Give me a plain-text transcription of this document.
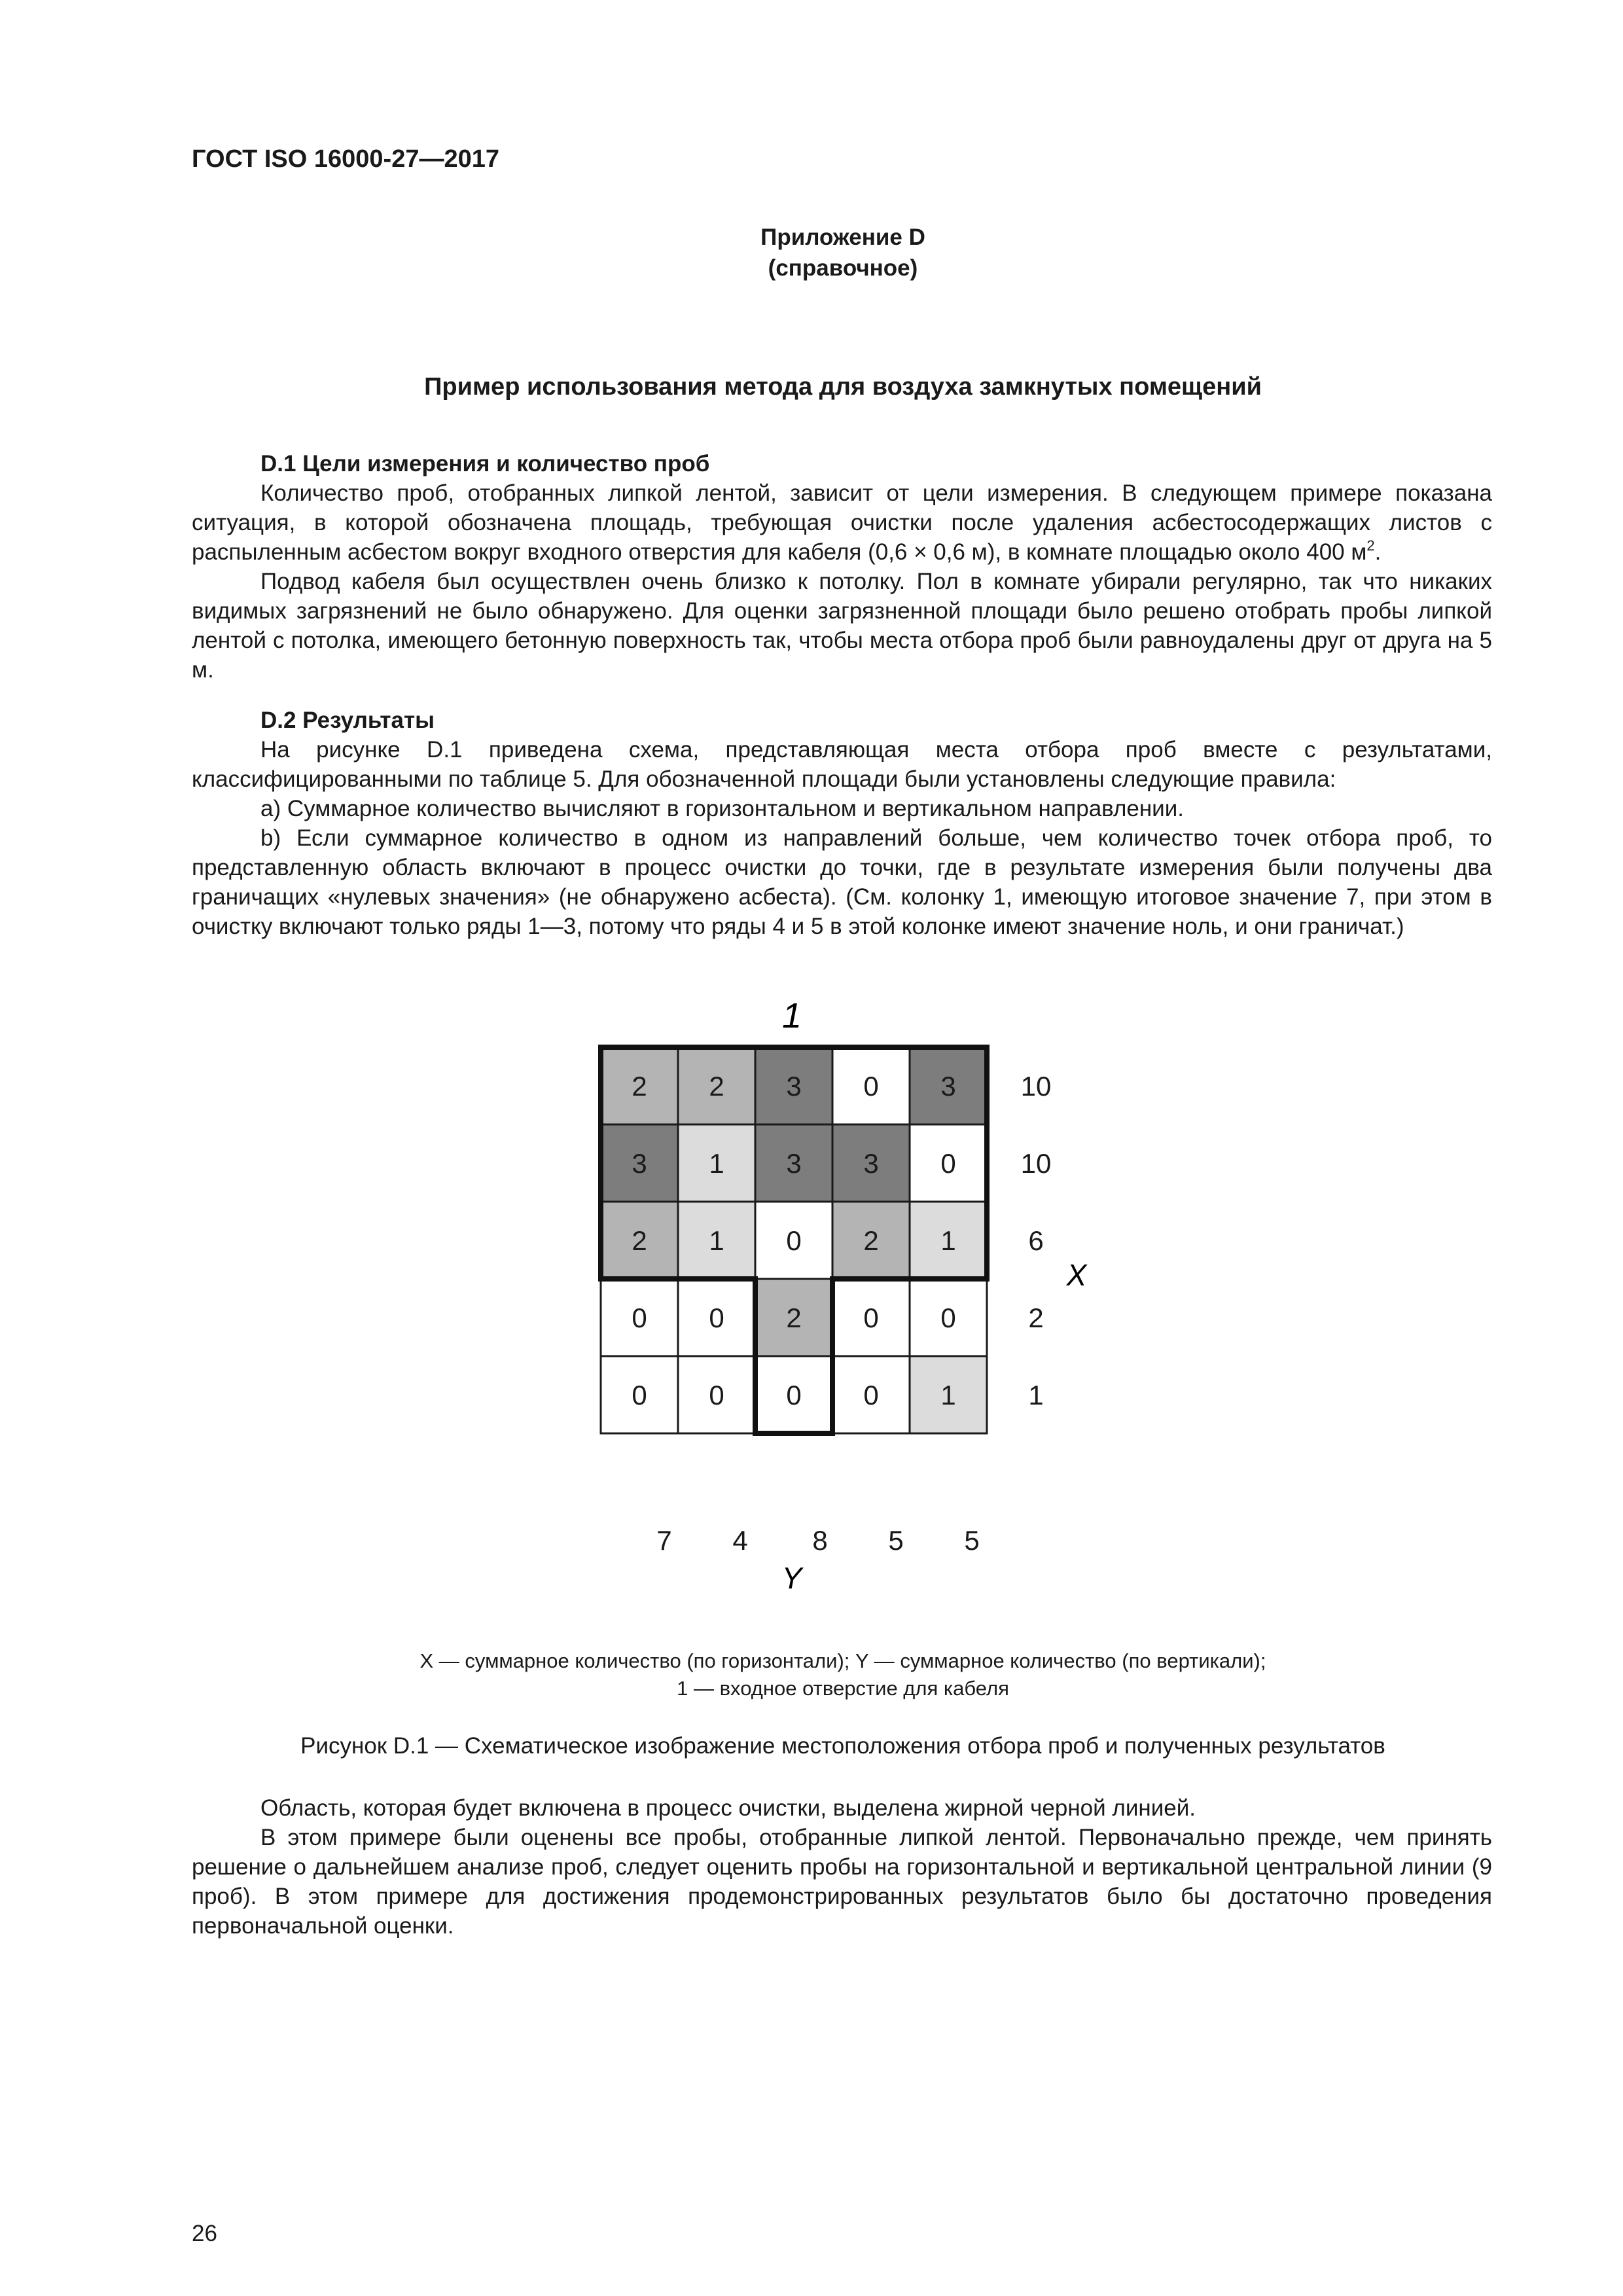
ГОСТ ISO 16000-27—2017
Приложение D
(справочное)
Пример использования метода для воздуха замкнутых помещений

D.1 Цели измерения и количество проб

Количество проб, отобранных липкой лентой, зависит от цели измерения. В следующем примере показана ситуация, в которой обозначена площадь, требующая очистки после удаления асбестосодержащих листов с распыленным асбестом вокруг входного отверстия для кабеля (0,6 × 0,6 м), в комнате площадью около 400 $м^2$.

Подвод кабеля был осуществлен очень близко к потолку. Пол в комнате убирали регулярно, так что никаких видимых загрязнений не было обнаружено. Для оценки загрязненной площади было решено отобрать пробы липкой лентой с потолка, имеющего бетонную поверхность так, чтобы места отбора проб были равноудалены друг от друга на 5 м.

D.2 Результаты

На рисунке D.1 приведена схема, представляющая места отбора проб вместе с результатами, классифицированными по таблице 5. Для обозначенной площади были установлены следующие правила:

a) Суммарное количество вычисляют в горизонтальном и вертикальном направлении.

b) Если суммарное количество в одном из направлений больше, чем количество точек отбора проб, то представленную область включают в процесс очистки до точки, где в результате измерения были получены два граничащих «нулевых значения» (не обнаружено асбеста). (См. колонку 1, имеющую итоговое значение 7, при этом в очистку включают только ряды 1—3, потому что ряды 4 и 5 в этой колонке имеют значение ноль, и они граничат.)

2 2 3 0 3
3 1 3 3 0
2 1 0 2 1
0 0 2 0 0
0 0 0 0 1
10
10
6
2
1
7 4 8 5 5
1
X
Y
X — суммарное количество (по горизонтали); Y — суммарное количество (по вертикали);
1 — входное отверстие для кабеля
Рисунок D.1 — Схематическое изображение местоположения отбора проб и полученных результатов

Область, которая будет включена в процесс очистки, выделена жирной черной линией.

В этом примере были оценены все пробы, отобранные липкой лентой. Первоначально прежде, чем принять решение о дальнейшем анализе проб, следует оценить пробы на горизонтальной и вертикальной центральной линии (9 проб). В этом примере для достижения продемонстрированных результатов было бы достаточно проведения первоначальной оценки.

26
